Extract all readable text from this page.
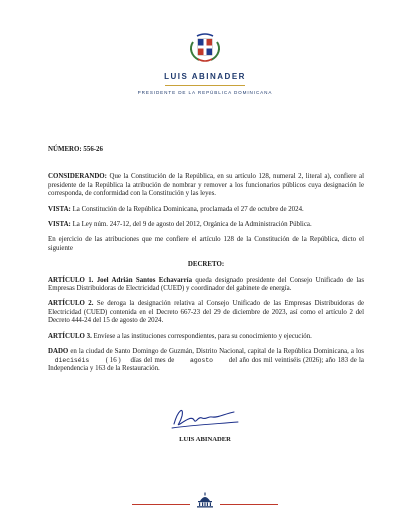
LUIS ABINADER
PRESIDENTE DE LA REPÚBLICA DOMINICANA

NÚMERO: 556-26

CONSIDERANDO: Que la Constitución de la República, en su artículo 128, numeral 2, literal a), confiere al presidente de la República la atribución de nombrar y remover a los funcionarios públicos cuya designación le corresponda, de conformidad con la Constitución y las leyes.

VISTA: La Constitución de la República Dominicana, proclamada el 27 de octubre de 2024.

VISTA: La Ley núm. 247-12, del 9 de agosto del 2012, Orgánica de la Administración Pública.

En ejercicio de las atribuciones que me confiere el artículo 128 de la Constitución de la República, dicto el siguiente

DECRETO:

ARTÍCULO 1. Joel Adrián Santos Echavarría queda designado presidente del Consejo Unificado de las Empresas Distribuidoras de Electricidad (CUED) y coordinador del gabinete de energía.

ARTÍCULO 2. Se deroga la designación relativa al Consejo Unificado de las Empresas Distribuidoras de Electricidad (CUED) contenida en el Decreto 667-23 del 29 de diciembre de 2023, así como el artículo 2 del Decreto 444-24 del 15 de agosto de 2024.

ARTÍCULO 3. Envíese a las instituciones correspondientes, para su conocimiento y ejecución.

DADO en la ciudad de Santo Domingo de Guzmán, Distrito Nacional, capital de la República Dominicana, a los dieciséis ( 16 ) días del mes de agosto del año dos mil veintiséis (2026); año 183 de la Independencia y 163 de la Restauración.

LUIS ABINADER
